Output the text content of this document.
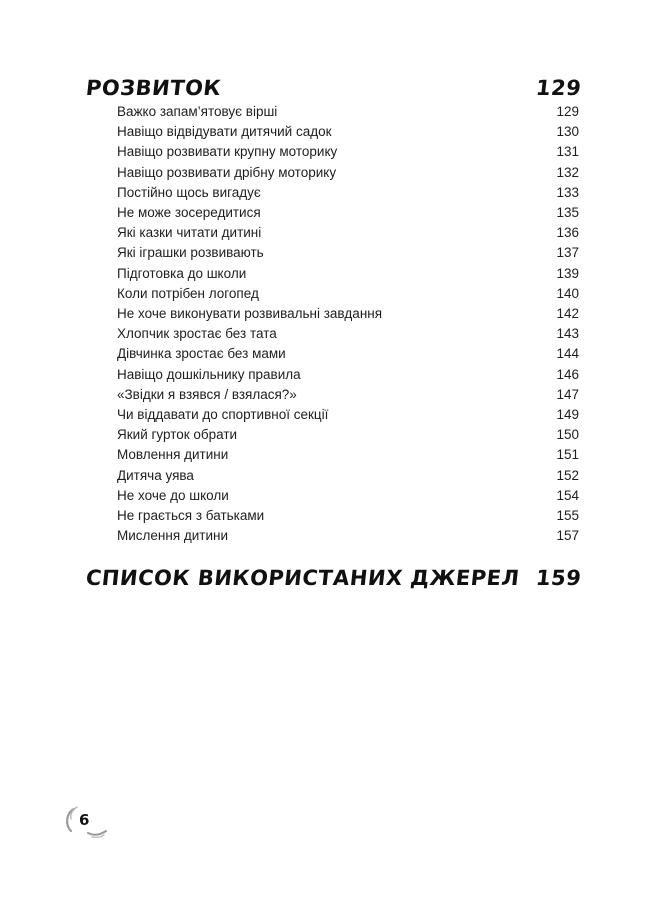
РОЗВИТОК	129
Важко запам’ятовує вірші	129
Навіщо відвідувати дитячий садок	130
Навіщо розвивати крупну моторику	131
Навіщо розвивати дрібну моторику	132
Постійно щось вигадує	133
Не може зосередитися	135
Які казки читати дитині	136
Які іграшки розвивають	137
Підготовка до школи	139
Коли потрібен логопед	140
Не хоче виконувати розвивальні завдання	142
Хлопчик зростає без тата	143
Дівчинка зростає без мами	144
Навіщо дошкільнику правила	146
«Звідки я взявся / взялася?»	147
Чи віддавати до спортивної секції	149
Який гурток обрати	150
Мовлення дитини	151
Дитяча уява	152
Не хоче до школи	154
Не грається з батьками	155
Мислення дитини	157
СПИСОК ВИКОРИСТАНИХ ДЖЕРЕЛ 159
6
